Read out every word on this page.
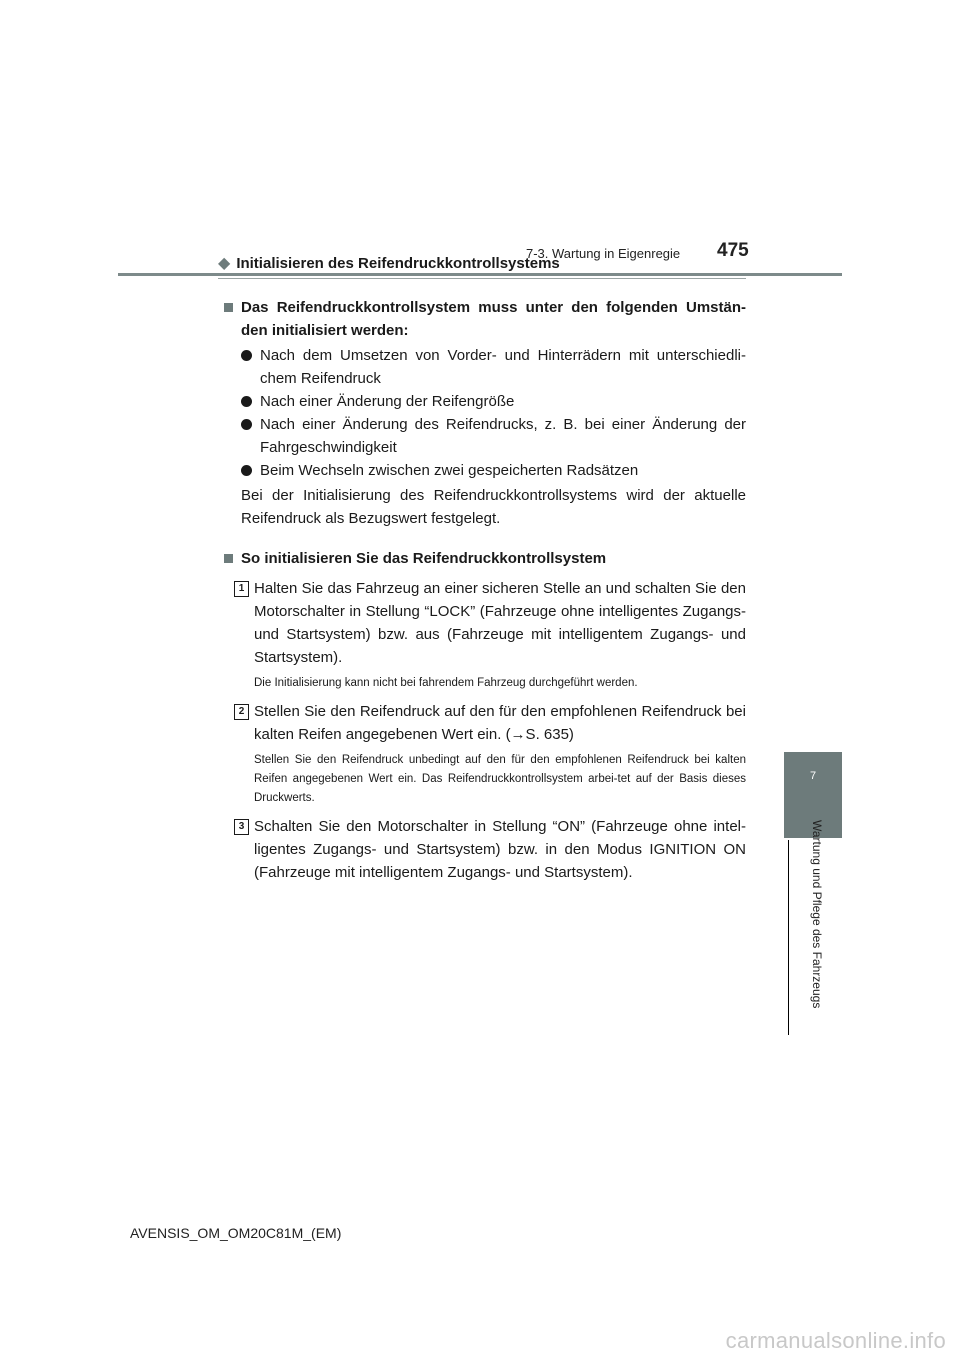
7-3. Wartung in Eigenregie 475
7
Wartung und Pflege des Fahrzeugs
◆ Initialisieren des Reifendruckkontrollsystems
Das Reifendruckkontrollsystem muss unter den folgenden Umstän-den initialisiert werden:
Nach dem Umsetzen von Vorder- und Hinterrädern mit unterschiedli-chem Reifendruck
Nach einer Änderung der Reifengröße
Nach einer Änderung des Reifendrucks, z. B. bei einer Änderung der Fahrgeschwindigkeit
Beim Wechseln zwischen zwei gespeicherten Radsätzen
Bei der Initialisierung des Reifendruckkontrollsystems wird der aktuelle Reifendruck als Bezugswert festgelegt.
So initialisieren Sie das Reifendruckkontrollsystem
1 Halten Sie das Fahrzeug an einer sicheren Stelle an und schalten Sie den Motorschalter in Stellung “LOCK” (Fahrzeuge ohne intelligentes Zugangs- und Startsystem) bzw. aus (Fahrzeuge mit intelligentem Zugangs- und Startsystem).
Die Initialisierung kann nicht bei fahrendem Fahrzeug durchgeführt werden.
2 Stellen Sie den Reifendruck auf den für den empfohlenen Reifendruck bei kalten Reifen angegebenen Wert ein. (→S. 635)
Stellen Sie den Reifendruck unbedingt auf den für den empfohlenen Reifendruck bei kalten Reifen angegebenen Wert ein. Das Reifendruckkontrollsystem arbei-tet auf der Basis dieses Druckwerts.
3 Schalten Sie den Motorschalter in Stellung “ON” (Fahrzeuge ohne intel-ligentes Zugangs- und Startsystem) bzw. in den Modus IGNITION ON (Fahrzeuge mit intelligentem Zugangs- und Startsystem).
AVENSIS_OM_OM20C81M_(EM)
carmanualsonline.info
